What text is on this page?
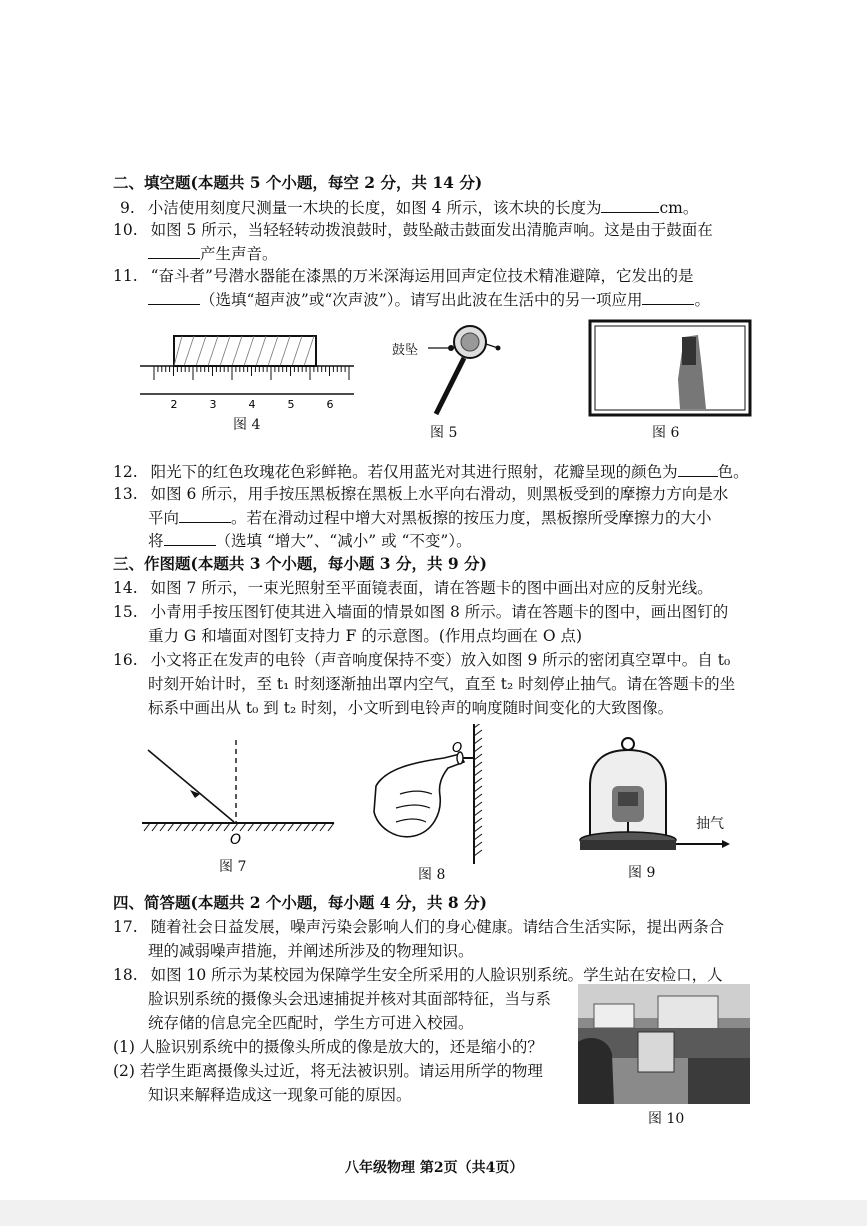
二、填空题(本题共 5 个小题，每空 2 分，共 14 分)
9. 小洁使用刻度尺测量一木块的长度，如图 4 所示，该木块的长度为	cm。
10. 如图 5 所示，当轻轻转动拨浪鼓时，鼓坠敲击鼓面发出清脆声响。这是由于鼓面在
产生声音。
11. “奋斗者”号潜水器能在漆黑的万米深海运用回声定位技术精准避障，它发出的是
（选填“超声波”或“次声波”）。请写出此波在生活中的另一项应用	。
2	3	4	5	6
图 4
鼓坠
图 5	图 6
12. 阳光下的红色玫瑰花色彩鲜艳。若仅用蓝光对其进行照射，花瓣呈现的颜色为	色。
13. 如图 6 所示，用手按压黑板擦在黑板上水平向右滑动，则黑板受到的摩擦力方向是水
平向	。若在滑动过程中增大对黑板擦的按压力度，黑板擦所受摩擦力的大小
将	（选填 “增大”、“减小” 或 “不变”）。
三、作图题(本题共 3 个小题，每小题 3 分，共 9 分)
14. 如图 7 所示，一束光照射至平面镜表面，请在答题卡的图中画出对应的反射光线。
15. 小青用手按压图钉使其进入墙面的情景如图 8 所示。请在答题卡的图中，画出图钉的
重力 G 和墙面对图钉支持力 F 的示意图。(作用点均画在 O 点)
16. 小文将正在发声的电铃（声音响度保持不变）放入如图 9 所示的密闭真空罩中。自 t₀
时刻开始计时，至 t₁ 时刻逐渐抽出罩内空气，直至 t₂ 时刻停止抽气。请在答题卡的坐
标系中画出从 t₀ 到 t₂ 时刻，小文听到电铃声的响度随时间变化的大致图像。
O
图 7
O
图 8
抽气
图 9
四、简答题(本题共 2 个小题，每小题 4 分，共 8 分)
17. 随着社会日益发展，噪声污染会影响人们的身心健康。请结合生活实际，提出两条合
理的减弱噪声措施，并阐述所涉及的物理知识。
18. 如图 10 所示为某校园为保障学生安全所采用的人脸识别系统。学生站在安检口，人
脸识别系统的摄像头会迅速捕捉并核对其面部特征，当与系
统存储的信息完全匹配时，学生方可进入校园。
(1) 人脸识别系统中的摄像头所成的像是放大的，还是缩小的？
(2) 若学生距离摄像头过近，将无法被识别。请运用所学的物理
知识来解释造成这一现象可能的原因。
图 10
八年级物理 第2页（共4页）
